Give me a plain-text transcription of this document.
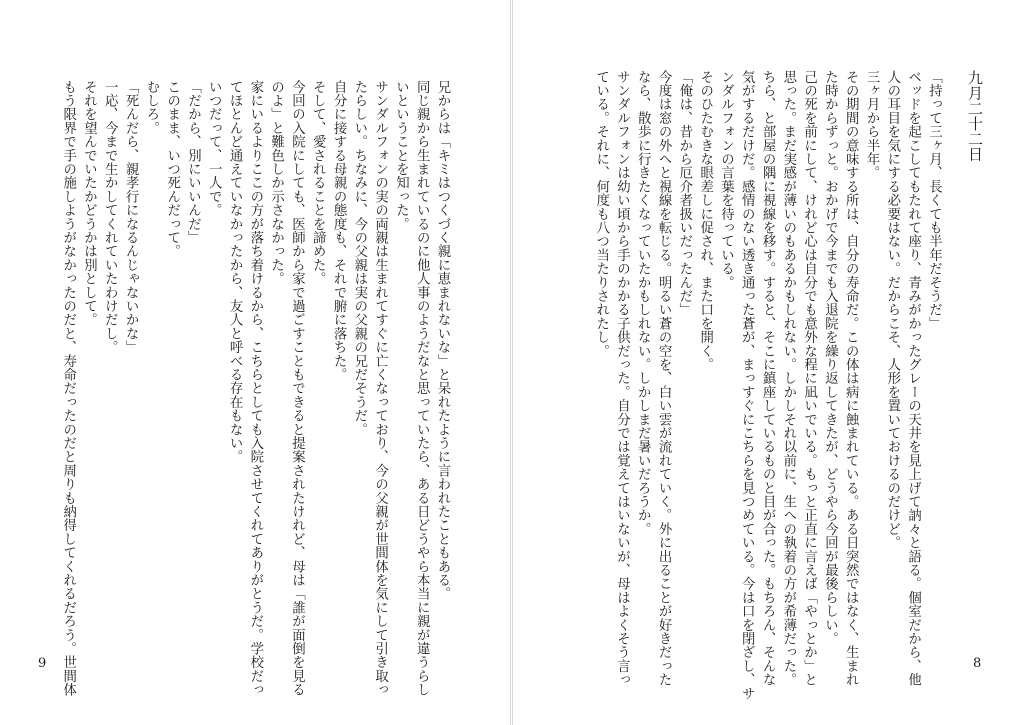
兄からは「キミはつくづく親に恵まれないな」と呆れたように言われたこともある。
同じ親から生まれているのに他人事のようだなと思っていたら、ある日どうやら本当に親が違うらし
いということを知った。
サンダルフォンの実の両親は生まれてすぐに亡くなっており、今の父親が世間体を気にして引き取っ
たらしい。ちなみに、今の父親は実の父親の兄だそうだ。
自分に接する母親の態度も、それで腑に落ちた。
そして、愛されることを諦めた。
今回の入院にしても、医師から家で過ごすこともできると提案されたけれど、母は「誰が面倒を見る
のよ」と難色しか示さなかった。
家にいるよりここの方が落ち着けるから、こちらとしても入院させてくれてありがとうだ。学校だっ
てほとんど通えていなかったから、友人と呼べる存在もない。
いつだって、一人で。
「だから、別にいいんだ」
このまま、いつ死んだって。
むしろ。
「死んだら、親孝行になるんじゃないかな」
一応、今まで生かしてくれていたわけだし。
それを望んでいたかどうかは別として。
もう限界で手の施しようがなかったのだと、寿命だったのだと周りも納得してくれるだろう。世間体
9
九月二十二日

「持って三ヶ月、長くても半年だそうだ」
ベッドを起こしてもたれて座り、青みがかったグレーの天井を見上げて訥々と語る。個室だから、他
人の耳目を気にする必要はない。だからこそ、人形を置いておけるのだけど。
三ヶ月から半年。
その期間の意味する所は、自分の寿命だ。この体は病に蝕まれている。ある日突然ではなく、生まれ
た時からずっと。おかげで今までも入退院を繰り返してきたが、どうやら今回が最後らしい。
己の死を前にして、けれど心は自分でも意外な程に凪いでいる。もっと正直に言えば「やっとか」と
思った。まだ実感が薄いのもあるかもしれない。しかしそれ以前に、生への執着の方が希薄だった。
ちら、と部屋の隅に視線を移す。すると、そこに鎮座しているものと目が合った。もちろん、そんな
気がするだけだ。感情のない透き通った蒼が、まっすぐにこちらを見つめている。今は口を閉ざし、サ
ンダルフォンの言葉を待っている。
そのひたむきな眼差しに促され、また口を開く。
「俺は、昔から厄介者扱いだったんだ」
今度は窓の外へと視線を転じる。明るい蒼の空を、白い雲が流れていく。外に出ることが好きだった
なら、散歩に行きたくなっていたかもしれない。しかしまだ暑いだろうか。
サンダルフォンは幼い頃から手のかかる子供だった。自分では覚えてはいないが、母はよくそう言っ
ている。それに、何度も八つ当たりされたし。
8
